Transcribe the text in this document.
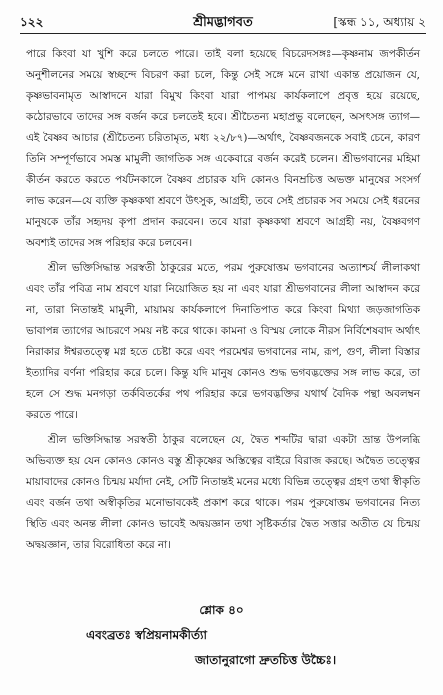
১২২	শ্রীমদ্ভাগবত	[স্কন্ধ ১১, অধ্যায় ২

পারে কিংবা যা খুশি করে চলতে পারে। তাই বলা হয়েছে বিচরেদসঙ্গঃ—কৃষ্ণনাম জপকীর্তন অনুশীলনের সময়ে স্বচ্ছন্দে বিচরণ করা চলে, কিন্তু সেই সঙ্গে মনে রাখা একান্ত প্রয়োজন যে, কৃষ্ণভাবনামৃত আস্বাদনে যারা বিমুখ কিংবা যারা পাপময় কার্যকলাপে প্রবৃত্ত হয়ে রয়েছে, কঠোরভাবে তাদের সঙ্গ বর্জন করে চলতেই হবে। শ্রীচৈতন্য মহাপ্রভু বলেছেন, অসৎসঙ্গ ত্যাগ—এই বৈষ্ণব আচার (শ্রীচৈতন্য চরিতামৃত, মধ্য ২২/৮৭)—অর্থাৎ, বৈষ্ণবজনকে সবাই চেনে, কারণ তিনি সম্পূর্ণভাবে সমস্ত মামুলী জাগতিক সঙ্গ একেবারে বর্জন করেই চলেন। শ্রীভগবানের মহিমা কীর্তন করতে করতে পর্যটনকালে বৈষ্ণব প্রচারক যদি কোনও বিনম্রচিত্ত অভক্ত মানুষের সংসর্গ লাভ করেন—যে ব্যক্তি কৃষ্ণকথা শ্রবণে উৎসুক, আগ্রহী, তবে সেই প্রচারক সব সময়ে সেই ধরনের মানুষকে তাঁর সহৃদয় কৃপা প্রদান করবেন। তবে যারা কৃষ্ণকথা শ্রবণে আগ্রহী নয়, বৈষ্ণবগণ অবশ্যই তাদের সঙ্গ পরিহার করে চলবেন।

শ্রীল ভক্তিসিদ্ধান্ত সরস্বতী ঠাকুরের মতে, পরম পুরুষোত্তম ভগবানের অত্যাশ্চর্য লীলাকথা এবং তাঁর পবিত্র নাম শ্রবণে যারা নিয়োজিত হয় না এবং যারা শ্রীভগবানের লীলা আস্বাদন করে না, তারা নিতান্তই মামুলী, মায়াময় কার্যকলাপে দিনাতিপাত করে কিংবা মিথ্যা জড়জাগতিক ভাবাপন্ন ত্যাগের আচরণে সময় নষ্ট করে থাকে। কামনা ও বিস্ময় লোকে নীরস নির্বিশেষবাদ অর্থাৎ নিরাকার ঈশ্বরতত্ত্বে মগ্ন হতে চেষ্টা করে এবং পরমেশ্বর ভগবানের নাম, রূপ, গুণ, লীলা বিস্তার ইত্যাদির বর্ণনা পরিহার করে চলে। কিন্তু যদি মানুষ কোনও শুদ্ধ ভগবদ্ভক্তের সঙ্গ লাভ করে, তা হলে সে শুদ্ধ মনগড়া তর্কবিতর্কের পথ পরিহার করে ভগবদ্ভক্তির যথার্থ বৈদিক পন্থা অবলম্বন করতে পারে।

শ্রীল ভক্তিসিদ্ধান্ত সরস্বতী ঠাকুর বলেছেন যে, দ্বৈত শব্দটির দ্বারা একটা ভ্রান্ত উপলব্ধি অভিব্যক্ত হয় যেন কোনও কোনও বস্তু শ্রীকৃষ্ণের অস্তিত্বের বাইরে বিরাজ করছে। অদ্বৈত তত্ত্বের মায়াবাদের কোনও চিন্ময় মর্যাদা নেই, সেটি নিতান্তই মনের মধ্যে বিভিন্ন তত্ত্বের গ্রহণ তথা স্বীকৃতি এবং বর্জন তথা অস্বীকৃতির মনোভাবকেই প্রকাশ করে থাকে। পরম পুরুষোত্তম ভগবানের নিত্য স্থিতি এবং অনন্ত লীলা কোনও ভাবেই অদ্বয়জ্ঞান তথা সৃষ্টিকর্তার দ্বৈত সত্তার অতীত যে চিন্ময় অদ্বয়জ্ঞান, তার বিরোধিতা করে না।

শ্লোক ৪০
এবংব্রতঃ স্বপ্রিয়নামকীর্ত্যা
জাতানুরাগো দ্রুতচিত্ত উচ্চৈঃ।
